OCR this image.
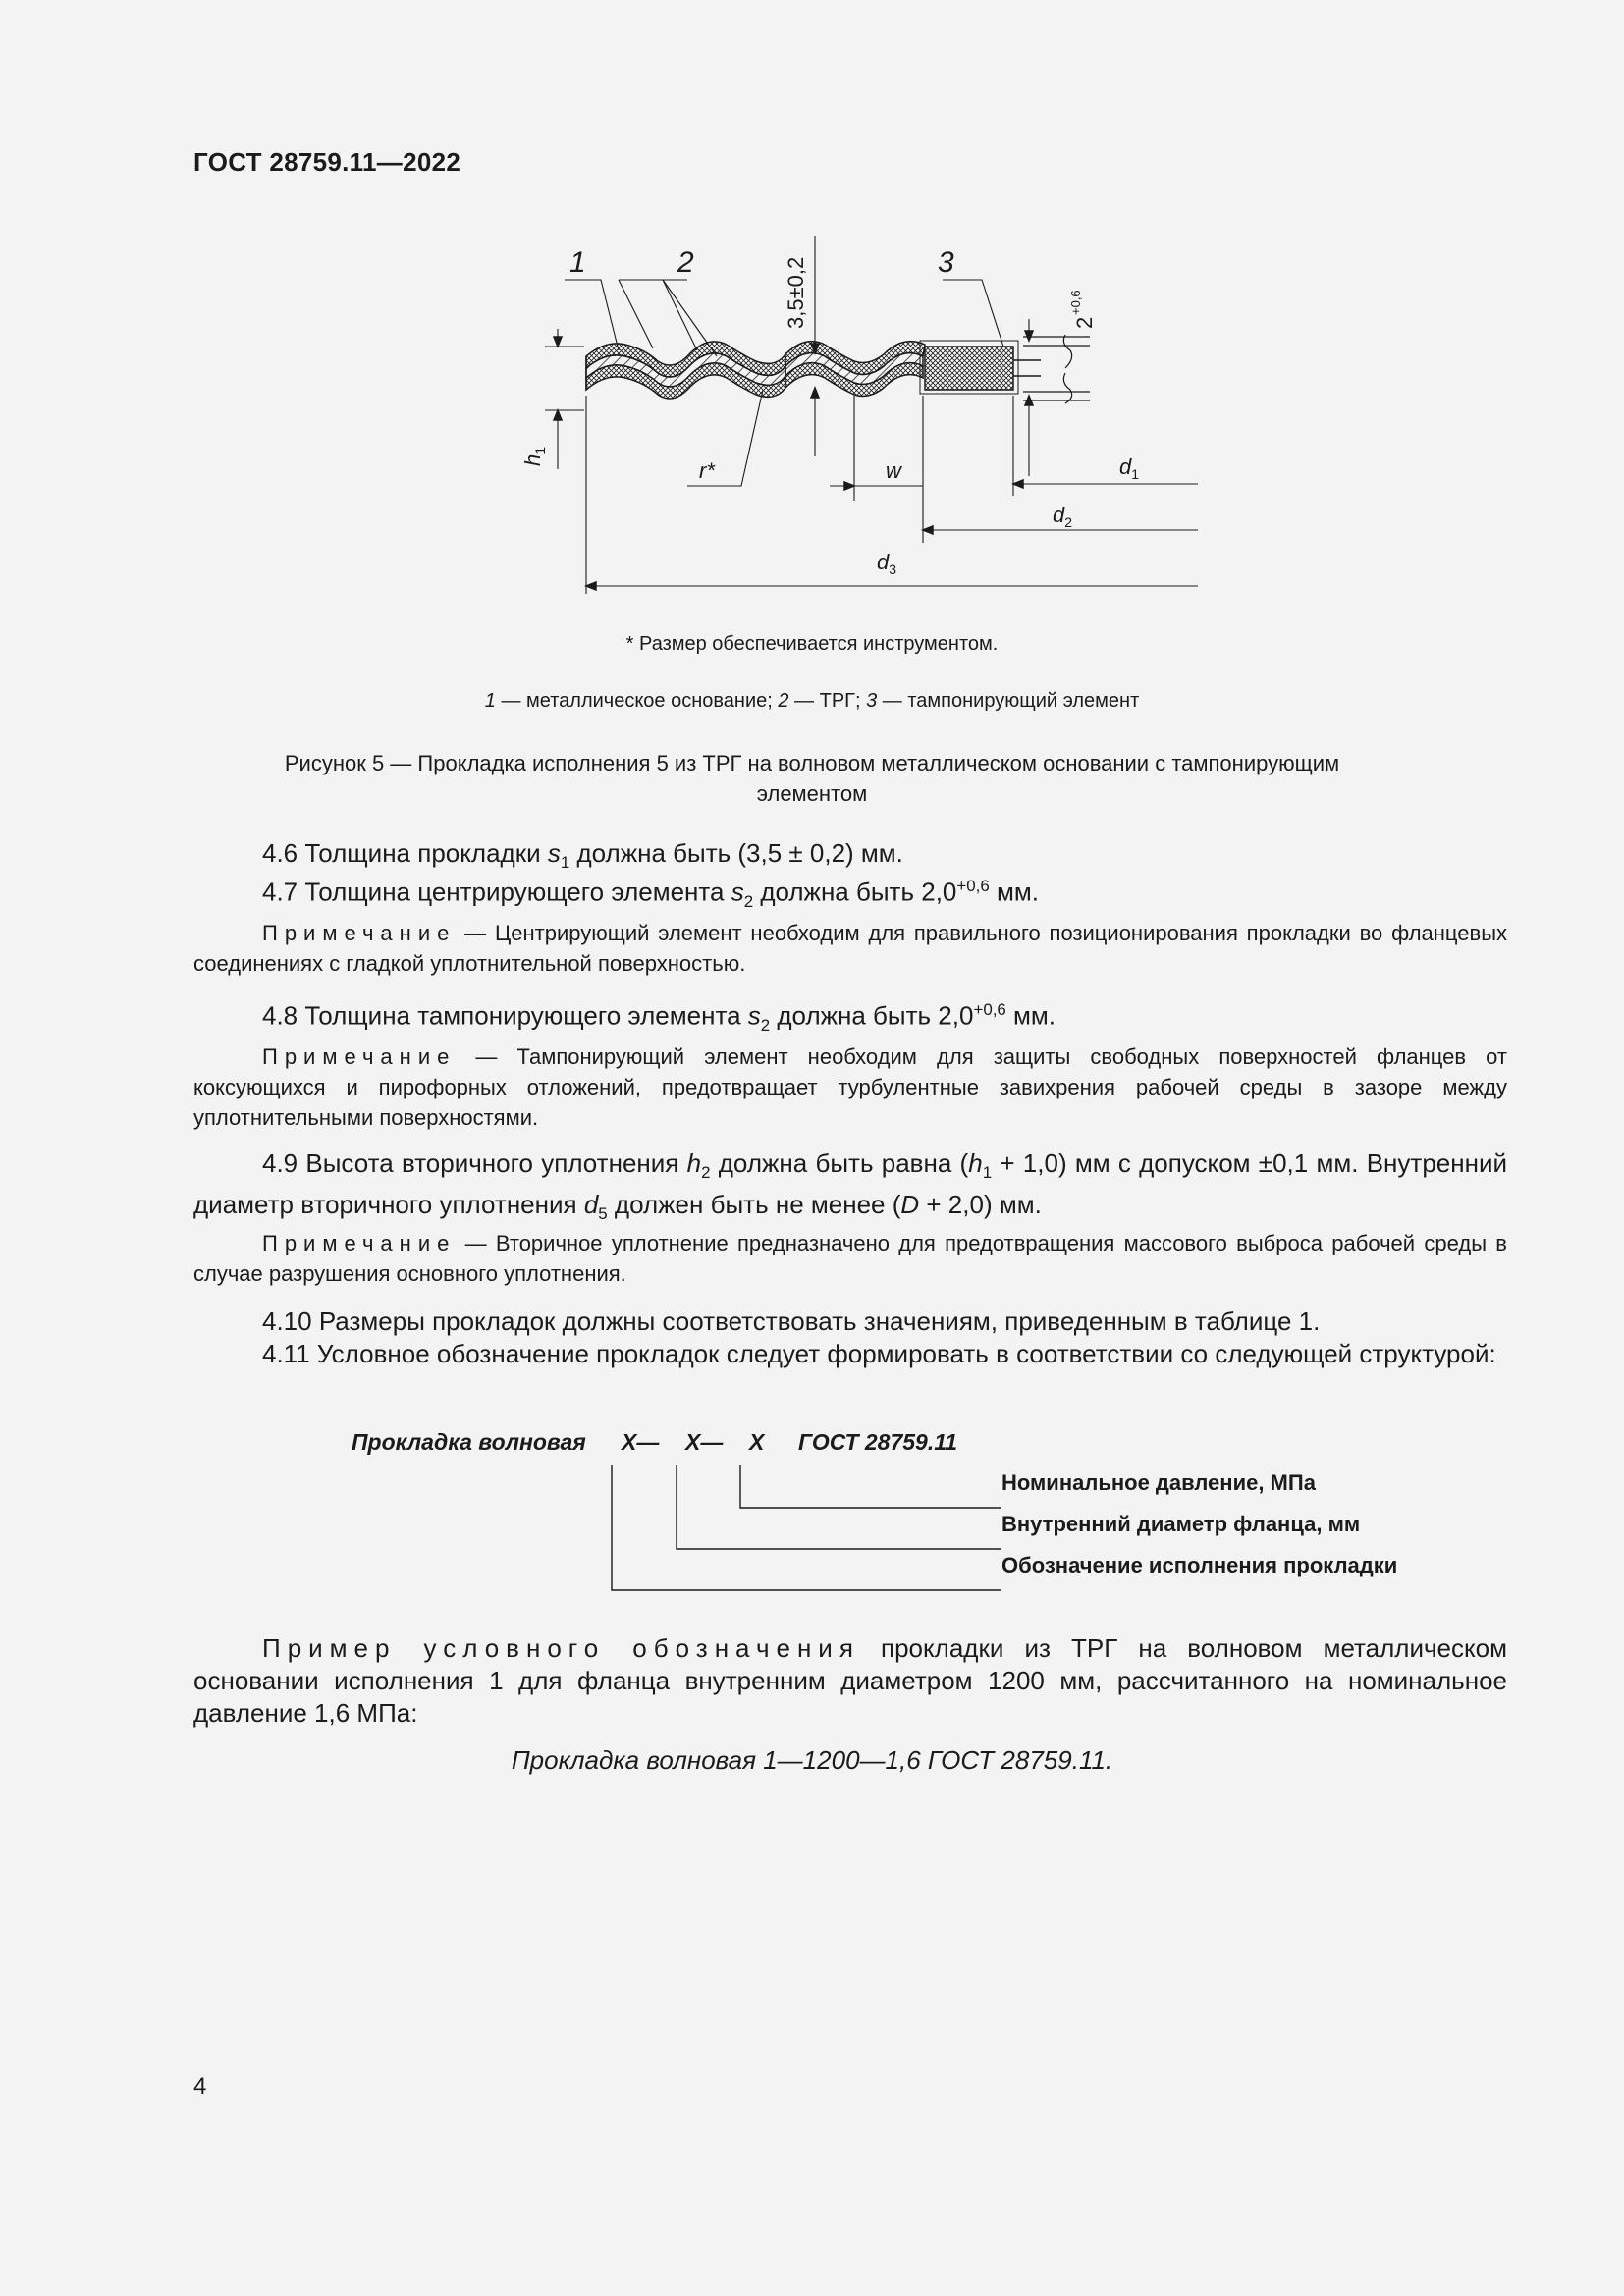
ГОСТ 28759.11—2022
1	2	3
3,5±0,2	2
+0,6
$h_1$
r*	w	$d_1$
$d_2$
$d_3$
* Размер обеспечивается инструментом.
1 — металлическое основание; 2 — ТРГ; 3 — тампонирующий элемент
Рисунок 5 — Прокладка исполнения 5 из ТРГ на волновом металлическом основании с тампонирующим
элементом
4.6 Толщина прокладки $s_1$ должна быть (3,5 ± 0,2) мм.
4.7 Толщина центрирующего элемента $s_2$ должна быть $2,0^{+0,6}$ мм.
Примечание — Центрирующий элемент необходим для правильного позиционирования прокладки во фланцевых соединениях с гладкой уплотнительной поверхностью.
4.8 Толщина тампонирующего элемента $s_2$ должна быть $2,0^{+0,6}$ мм.
Примечание — Тампонирующий элемент необходим для защиты свободных поверхностей фланцев от коксующихся и пирофорных отложений, предотвращает турбулентные завихрения рабочей среды в зазоре между уплотнительными поверхностями.
4.9 Высота вторичного уплотнения $h_2$ должна быть равна $(h_1 + 1,0)$ мм с допуском ±0,1 мм. Внутренний диаметр вторичного уплотнения $d_5$ должен быть не менее (D + 2,0) мм.
Примечание — Вторичное уплотнение предназначено для предотвращения массового выброса рабочей среды в случае разрушения основного уплотнения.
4.10 Размеры прокладок должны соответствовать значениям, приведенным в таблице 1.
4.11 Условное обозначение прокладок следует формировать в соответствии со следующей структурой:
Прокладка волновая X— X— X ГОСТ 28759.11
Номинальное давление, МПа
Внутренний диаметр фланца, мм
Обозначение исполнения прокладки
Пример условного обозначения прокладки из ТРГ на волновом металлическом основании исполнения 1 для фланца внутренним диаметром 1200 мм, рассчитанного на номинальное давление 1,6 МПа:
Прокладка волновая 1—1200—1,6 ГОСТ 28759.11.
4
